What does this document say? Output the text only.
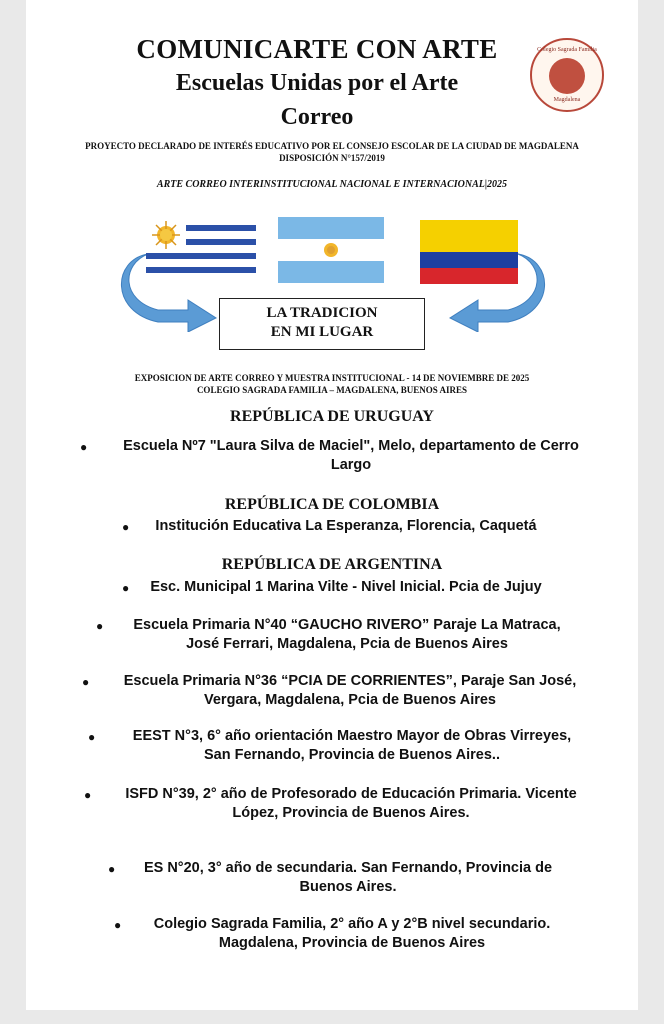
COMUNICARTE CON ARTE
Escuelas Unidas por el Arte
Correo
Colegio Sagrada Familia
Magdalena
PROYECTO DECLARADO DE INTERÉS EDUCATIVO POR EL CONSEJO ESCOLAR DE LA CIUDAD DE MAGDALENA
DISPOSICIÓN N°157/2019
ARTE CORREO INTERINSTITUCIONAL NACIONAL E INTERNACIONAL|2025
LA TRADICION
EN MI LUGAR
EXPOSICION DE ARTE CORREO Y MUESTRA INSTITUCIONAL - 14 DE NOVIEMBRE DE 2025
COLEGIO SAGRADA FAMILIA – MAGDALENA, BUENOS AIRES
REPÚBLICA DE URUGUAY
●	Escuela Nº7 "Laura Silva de Maciel", Melo, departamento de Cerro
Largo
REPÚBLICA DE COLOMBIA
●	Institución Educativa La Esperanza, Florencia, Caquetá
REPÚBLICA DE ARGENTINA
●	Esc. Municipal 1 Marina Vilte - Nivel Inicial. Pcia de Jujuy
●	Escuela Primaria N°40 “GAUCHO RIVERO” Paraje La Matraca,
José Ferrari, Magdalena, Pcia de Buenos Aires
●	Escuela Primaria N°36 “PCIA DE CORRIENTES”, Paraje San José,
Vergara, Magdalena, Pcia de Buenos Aires
●	EEST N°3, 6° año orientación Maestro Mayor de Obras Virreyes,
San Fernando, Provincia de Buenos Aires..
●	ISFD N°39, 2° año de Profesorado de Educación Primaria. Vicente
López, Provincia de Buenos Aires.
●	ES N°20, 3° año de secundaria. San Fernando, Provincia de
Buenos Aires.
●	Colegio Sagrada Familia, 2° año A y 2°B nivel secundario.
Magdalena, Provincia de Buenos Aires
